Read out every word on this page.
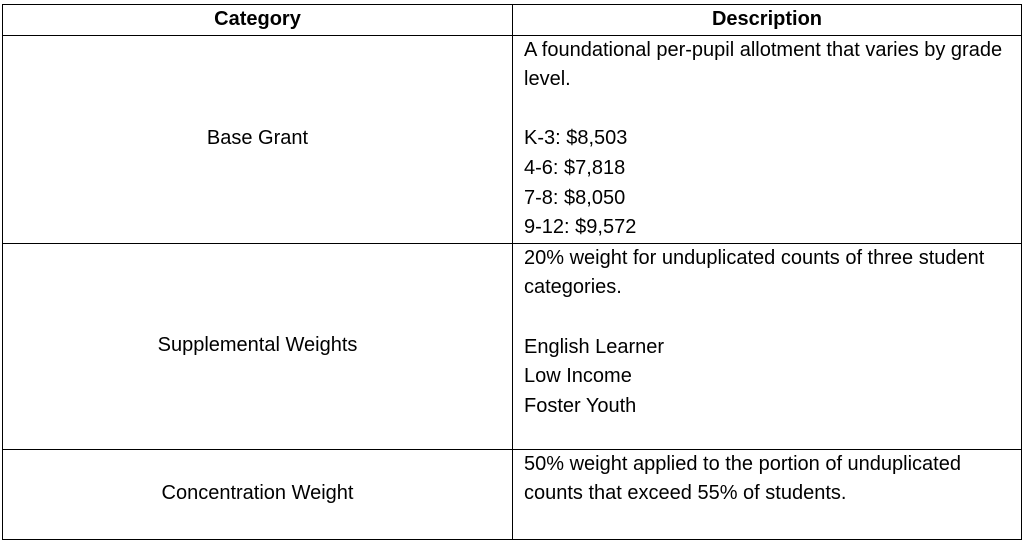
Category	Description
Base Grant	A foundational per-pupil allotment that varies by grade level.
K-3: $8,503
4-6: $7,818
7-8: $8,050
9-12: $9,572

Supplemental Weights	20% weight for unduplicated counts of three student categories.
English Learner
Low Income
Foster Youth

Concentration Weight	50% weight applied to the portion of unduplicated counts that exceed 55% of students.
